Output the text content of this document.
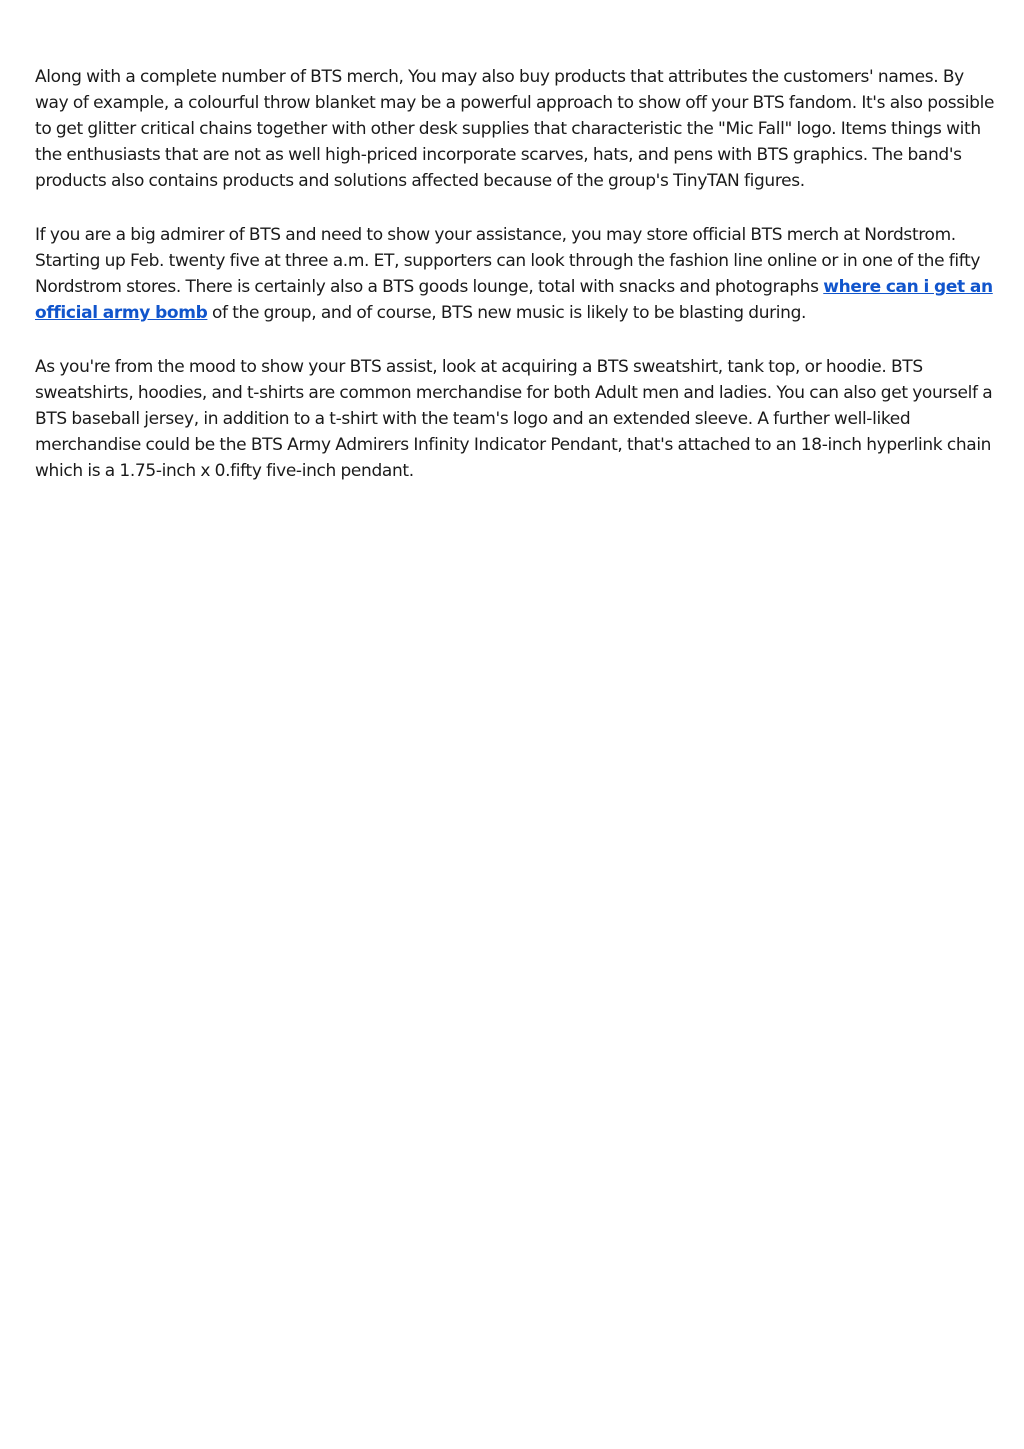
Along with a complete number of BTS merch, You may also buy products that attributes the customers' names. By way of example, a colourful throw blanket may be a powerful approach to show off your BTS fandom. It's also possible to get glitter critical chains together with other desk supplies that characteristic the "Mic Fall" logo. Items things with the enthusiasts that are not as well high-priced incorporate scarves, hats, and pens with BTS graphics. The band's products also contains products and solutions affected because of the group's TinyTAN figures.

If you are a big admirer of BTS and need to show your assistance, you may store official BTS merch at Nordstrom. Starting up Feb. twenty five at three a.m. ET, supporters can look through the fashion line online or in one of the fifty Nordstrom stores. There is certainly also a BTS goods lounge, total with snacks and photographs where can i get an official army bomb of the group, and of course, BTS new music is likely to be blasting during.

As you're from the mood to show your BTS assist, look at acquiring a BTS sweatshirt, tank top, or hoodie. BTS sweatshirts, hoodies, and t-shirts are common merchandise for both Adult men and ladies. You can also get yourself a BTS baseball jersey, in addition to a t-shirt with the team's logo and an extended sleeve. A further well-liked merchandise could be the BTS Army Admirers Infinity Indicator Pendant, that's attached to an 18-inch hyperlink chain which is a 1.75-inch x 0.fifty five-inch pendant.
